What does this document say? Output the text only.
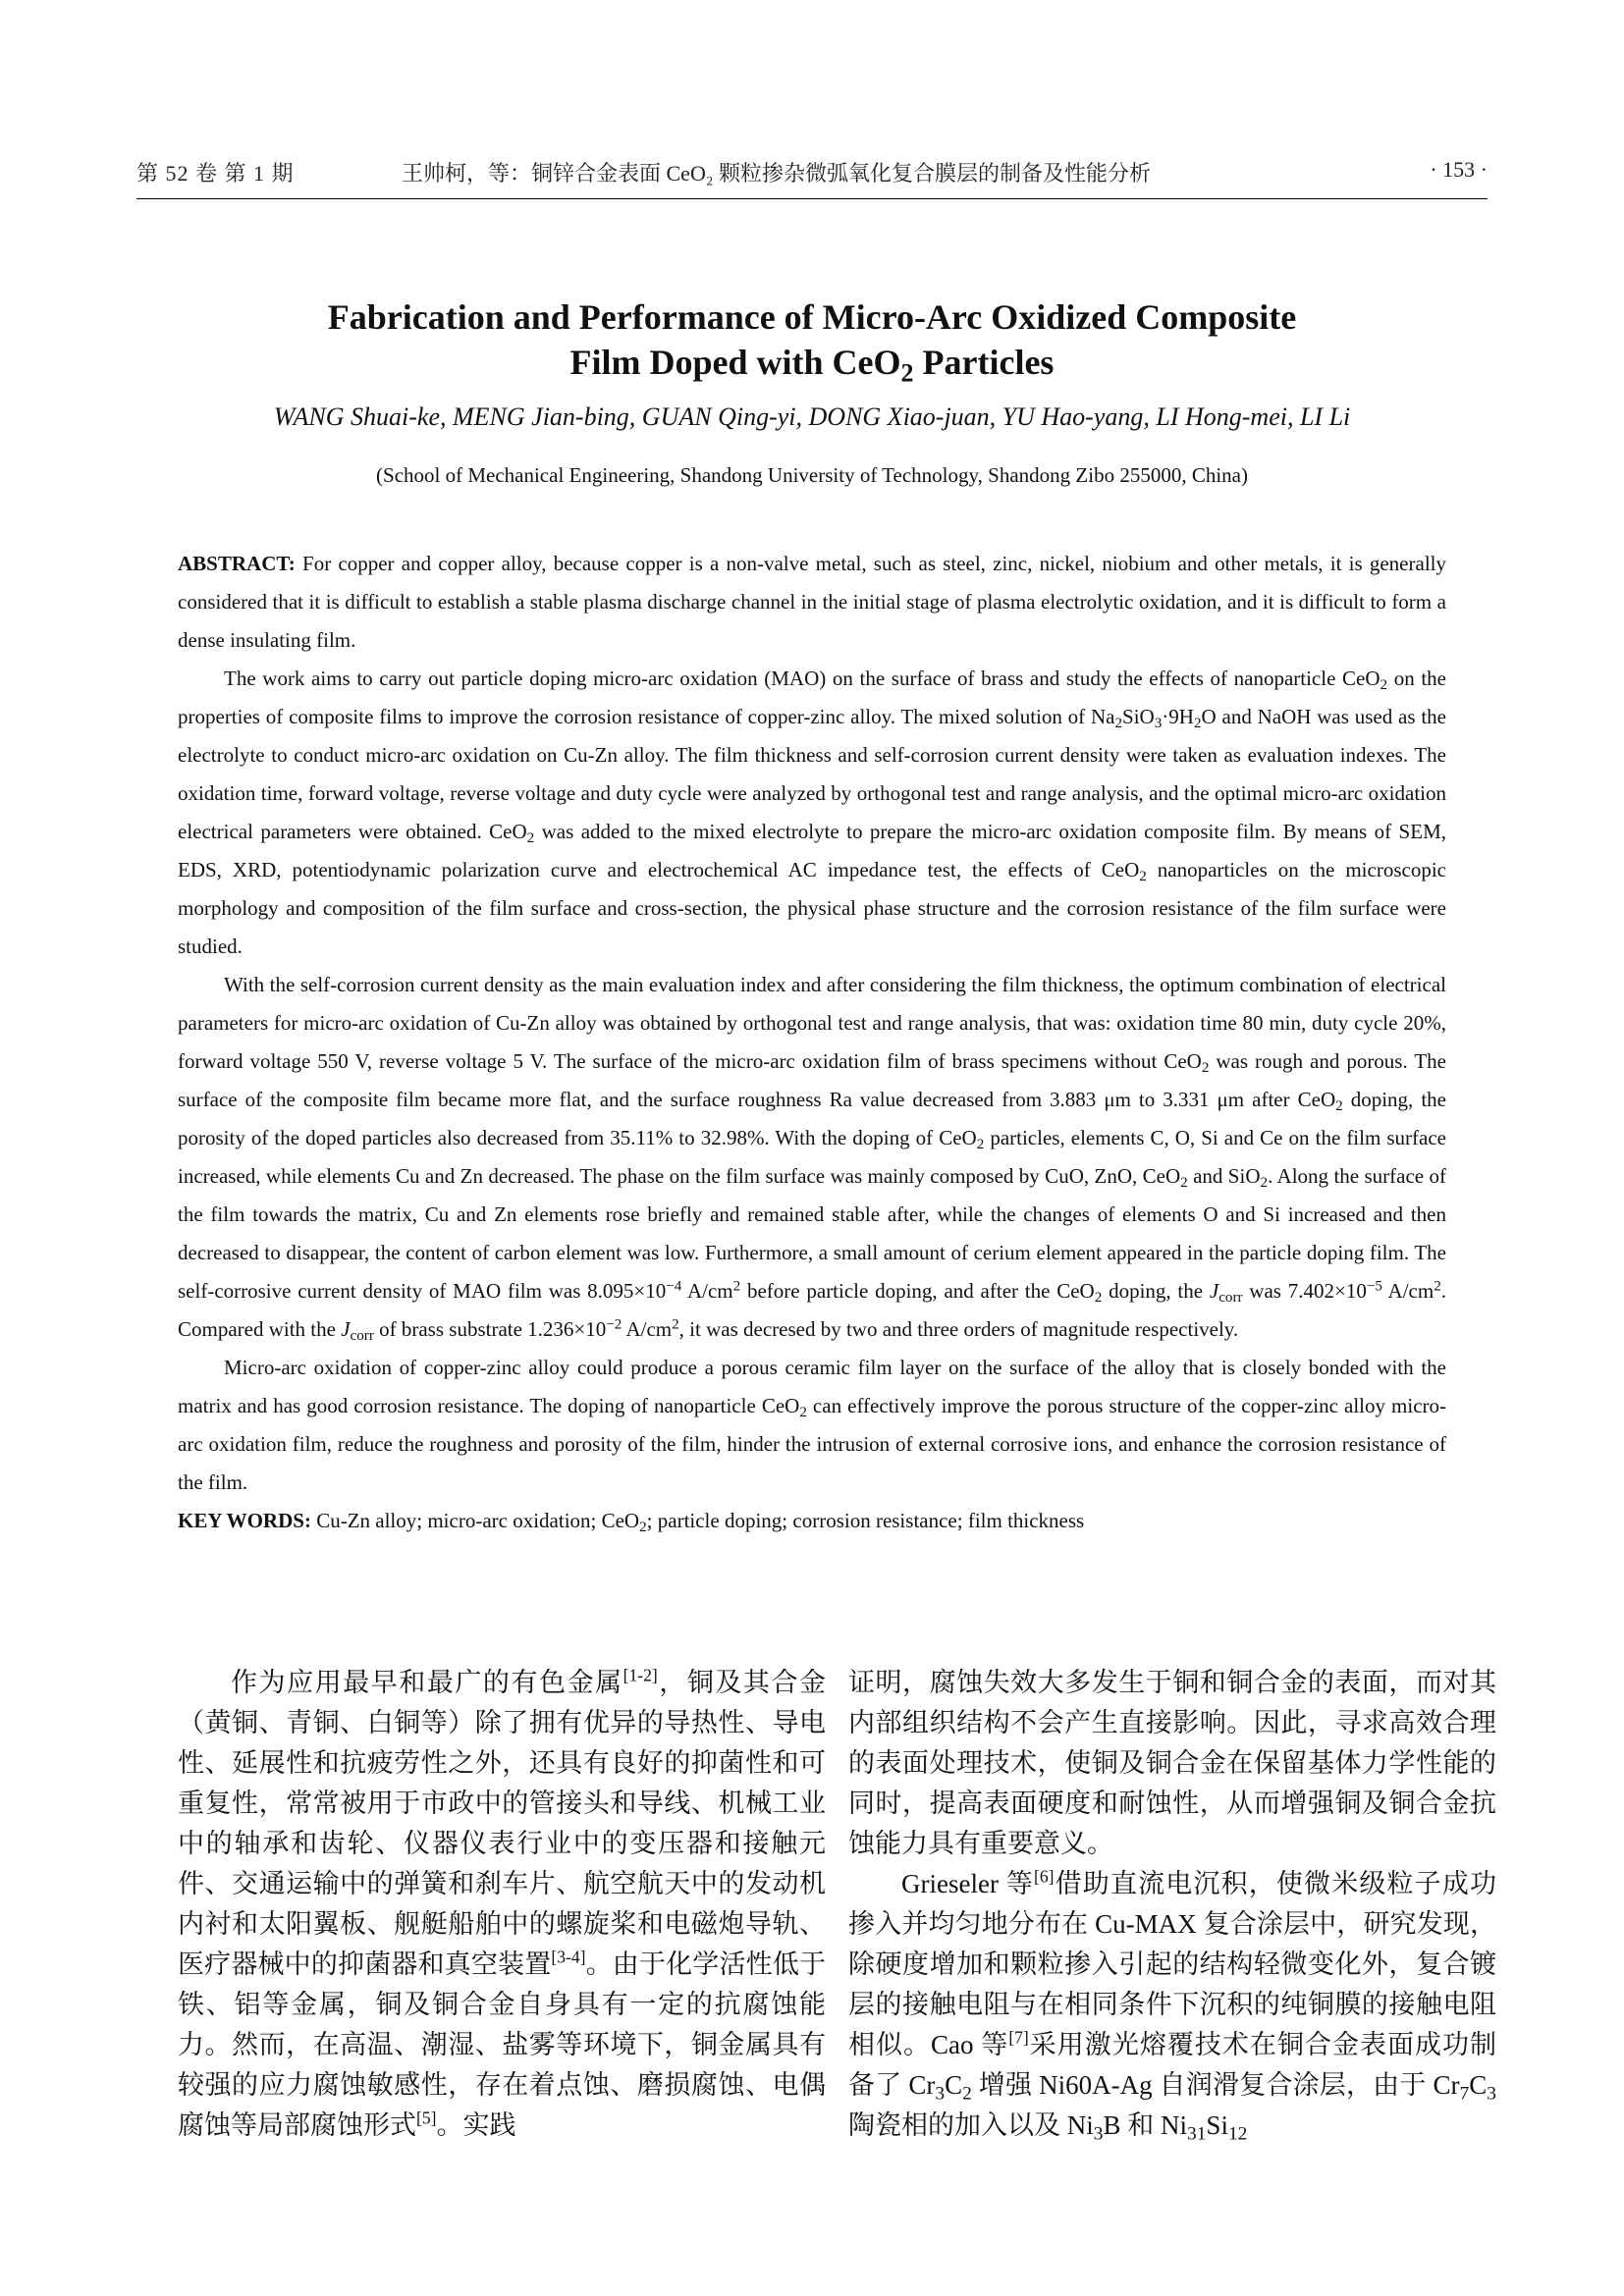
第 52 卷 第 1 期	王帅柯，等：铜锌合金表面 CeO₂ 颗粒掺杂微弧氧化复合膜层的制备及性能分析	· 153 ·
Fabrication and Performance of Micro-Arc Oxidized Composite
Film Doped with CeO$_2$ Particles
WANG Shuai-ke, MENG Jian-bing, GUAN Qing-yi, DONG Xiao-juan, YU Hao-yang, LI Hong-mei, LI Li
(School of Mechanical Engineering, Shandong University of Technology, Shandong Zibo 255000, China)

ABSTRACT: For copper and copper alloy, because copper is a non-valve metal, such as steel, zinc, nickel, niobium and other metals, it is generally considered that it is difficult to establish a stable plasma discharge channel in the initial stage of plasma electrolytic oxidation, and it is difficult to form a dense insulating film.

The work aims to carry out particle doping micro-arc oxidation (MAO) on the surface of brass and study the effects of nanoparticle CeO$_2$ on the properties of composite films to improve the corrosion resistance of copper-zinc alloy. The mixed solution of $Na_2SiO_3\cdot 9H_2O$ and NaOH was used as the electrolyte to conduct micro-arc oxidation on Cu-Zn alloy. The film thickness and self-corrosion current density were taken as evaluation indexes. The oxidation time, forward voltage, reverse voltage and duty cycle were analyzed by orthogonal test and range analysis, and the optimal micro-arc oxidation electrical parameters were obtained. CeO$_2$ was added to the mixed electrolyte to prepare the micro-arc oxidation composite film. By means of SEM, EDS, XRD, potentiodynamic polarization curve and electrochemical AC impedance test, the effects of CeO$_2$ nanoparticles on the microscopic morphology and composition of the film surface and cross-section, the physical phase structure and the corrosion resistance of the film surface were studied.

With the self-corrosion current density as the main evaluation index and after considering the film thickness, the optimum combination of electrical parameters for micro-arc oxidation of Cu-Zn alloy was obtained by orthogonal test and range analysis, that was: oxidation time 80 min, duty cycle 20%, forward voltage 550 V, reverse voltage 5 V. The surface of the micro-arc oxidation film of brass specimens without CeO$_2$ was rough and porous. The surface of the composite film became more flat, and the surface roughness Ra value decreased from 3.883 μm to 3.331 μm after CeO$_2$ doping, the porosity of the doped particles also decreased from 35.11% to 32.98%. With the doping of CeO$_2$ particles, elements C, O, Si and Ce on the film surface increased, while elements Cu and Zn decreased. The phase on the film surface was mainly composed by CuO, ZnO, CeO$_2$ and SiO$_2$. Along the surface of the film towards the matrix, Cu and Zn elements rose briefly and remained stable after, while the changes of elements O and Si increased and then decreased to disappear, the content of carbon element was low. Furthermore, a small amount of cerium element appeared in the particle doping film. The self-corrosive current density of MAO film was $8.095\times 10^{-4}$ $A/cm^2$ before particle doping, and after the CeO$_2$ doping, the $J_{corr}$ was $7.402\times 10^{-5}$ $A/cm^2$. Compared with the $J_{corr}$ of brass substrate $1.236\times 10^{-2}$ $A/cm^2$, it was decresed by two and three orders of magnitude respectively.

Micro-arc oxidation of copper-zinc alloy could produce a porous ceramic film layer on the surface of the alloy that is closely bonded with the matrix and has good corrosion resistance. The doping of nanoparticle CeO$_2$ can effectively improve the porous structure of the copper-zinc alloy micro-arc oxidation film, reduce the roughness and porosity of the film, hinder the intrusion of external corrosive ions, and enhance the corrosion resistance of the film.

KEY WORDS: Cu-Zn alloy; micro-arc oxidation; CeO$_2$; particle doping; corrosion resistance; film thickness

作为应用最早和最广的有色金属[1-2]，铜及其合金（黄铜、青铜、白铜等）除了拥有优异的导热性、导电性、延展性和抗疲劳性之外，还具有良好的抑菌性和可重复性，常常被用于市政中的管接头和导线、机械工业中的轴承和齿轮、仪器仪表行业中的变压器和接触元件、交通运输中的弹簧和刹车片、航空航天中的发动机内衬和太阳翼板、舰艇船舶中的螺旋桨和电磁炮导轨、医疗器械中的抑菌器和真空装置[3-4]。由于化学活性低于铁、铝等金属，铜及铜合金自身具有一定的抗腐蚀能力。然而，在高温、潮湿、盐雾等环境下，铜金属具有较强的应力腐蚀敏感性，存在着点蚀、磨损腐蚀、电偶腐蚀等局部腐蚀形式[5]。实践

证明，腐蚀失效大多发生于铜和铜合金的表面，而对其内部组织结构不会产生直接影响。因此，寻求高效合理的表面处理技术，使铜及铜合金在保留基体力学性能的同时，提高表面硬度和耐蚀性，从而增强铜及铜合金抗蚀能力具有重要意义。

Grieseler 等[6]借助直流电沉积，使微米级粒子成功掺入并均匀地分布在 Cu-MAX 复合涂层中，研究发现，除硬度增加和颗粒掺入引起的结构轻微变化外，复合镀层的接触电阻与在相同条件下沉积的纯铜膜的接触电阻相似。Cao 等[7]采用激光熔覆技术在铜合金表面成功制备了 $Cr_3C_2$ 增强 Ni60A-Ag 自润滑复合涂层，由于 $Cr_7C_3$ 陶瓷相的加入以及 $Ni_3B$ 和 $Ni_{31}Si_{12}$
